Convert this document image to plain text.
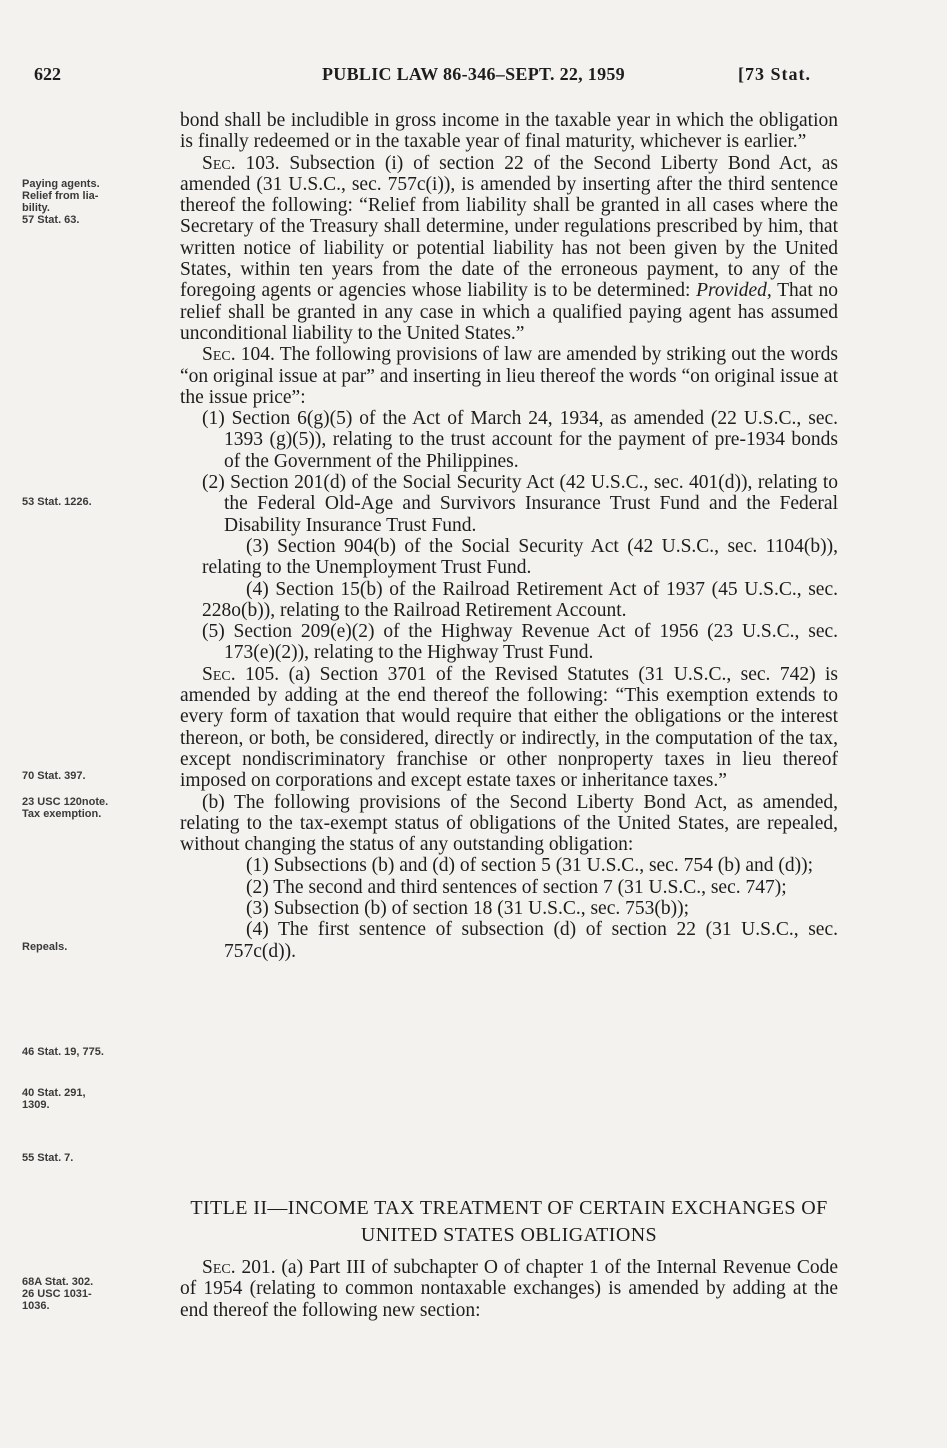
622	PUBLIC LAW 86-346–SEPT. 22, 1959	[73 Stat.
Paying agents.
Relief from lia-
bility.
57 Stat. 63.
53 Stat. 1226.
70 Stat. 397.
23 USC 120note.
Tax exemption.
Repeals.
46 Stat. 19, 775.
40 Stat. 291,
1309.
55 Stat. 7.
68A Stat. 302.
26 USC 1031-
1036.

bond shall be includible in gross income in the taxable year in which the obligation is finally redeemed or in the taxable year of final maturity, whichever is earlier.”

Sec. 103. Subsection (i) of section 22 of the Second Liberty Bond Act, as amended (31 U.S.C., sec. 757c(i)), is amended by inserting after the third sentence thereof the following: “Relief from liability shall be granted in all cases where the Secretary of the Treasury shall determine, under regulations prescribed by him, that written notice of liability or potential liability has not been given by the United States, within ten years from the date of the erroneous payment, to any of the foregoing agents or agencies whose liability is to be determined: Provided, That no relief shall be granted in any case in which a qualified paying agent has assumed unconditional liability to the United States.”

Sec. 104. The following provisions of law are amended by striking out the words “on original issue at par” and inserting in lieu thereof the words “on original issue at the issue price”:

(1) Section 6(g)(5) of the Act of March 24, 1934, as amended (22 U.S.C., sec. 1393 (g)(5)), relating to the trust account for the payment of pre-1934 bonds of the Government of the Philippines.

(2) Section 201(d) of the Social Security Act (42 U.S.C., sec. 401(d)), relating to the Federal Old-Age and Survivors Insurance Trust Fund and the Federal Disability Insurance Trust Fund.

(3) Section 904(b) of the Social Security Act (42 U.S.C., sec. 1104(b)), relating to the Unemployment Trust Fund.

(4) Section 15(b) of the Railroad Retirement Act of 1937 (45 U.S.C., sec. 228o(b)), relating to the Railroad Retirement Account.

(5) Section 209(e)(2) of the Highway Revenue Act of 1956 (23 U.S.C., sec. 173(e)(2)), relating to the Highway Trust Fund.

Sec. 105. (a) Section 3701 of the Revised Statutes (31 U.S.C., sec. 742) is amended by adding at the end thereof the following: “This exemption extends to every form of taxation that would require that either the obligations or the interest thereon, or both, be considered, directly or indirectly, in the computation of the tax, except nondiscriminatory franchise or other nonproperty taxes in lieu thereof imposed on corporations and except estate taxes or inheritance taxes.”

(b) The following provisions of the Second Liberty Bond Act, as amended, relating to the tax-exempt status of obligations of the United States, are repealed, without changing the status of any outstanding obligation:

(1) Subsections (b) and (d) of section 5 (31 U.S.C., sec. 754 (b) and (d));

(2) The second and third sentences of section 7 (31 U.S.C., sec. 747);

(3) Subsection (b) of section 18 (31 U.S.C., sec. 753(b));

(4) The first sentence of subsection (d) of section 22 (31 U.S.C., sec. 757c(d)).

TITLE II—INCOME TAX TREATMENT OF CERTAIN EXCHANGES OF UNITED STATES OBLIGATIONS

Sec. 201. (a) Part III of subchapter O of chapter 1 of the Internal Revenue Code of 1954 (relating to common nontaxable exchanges) is amended by adding at the end thereof the following new section:
